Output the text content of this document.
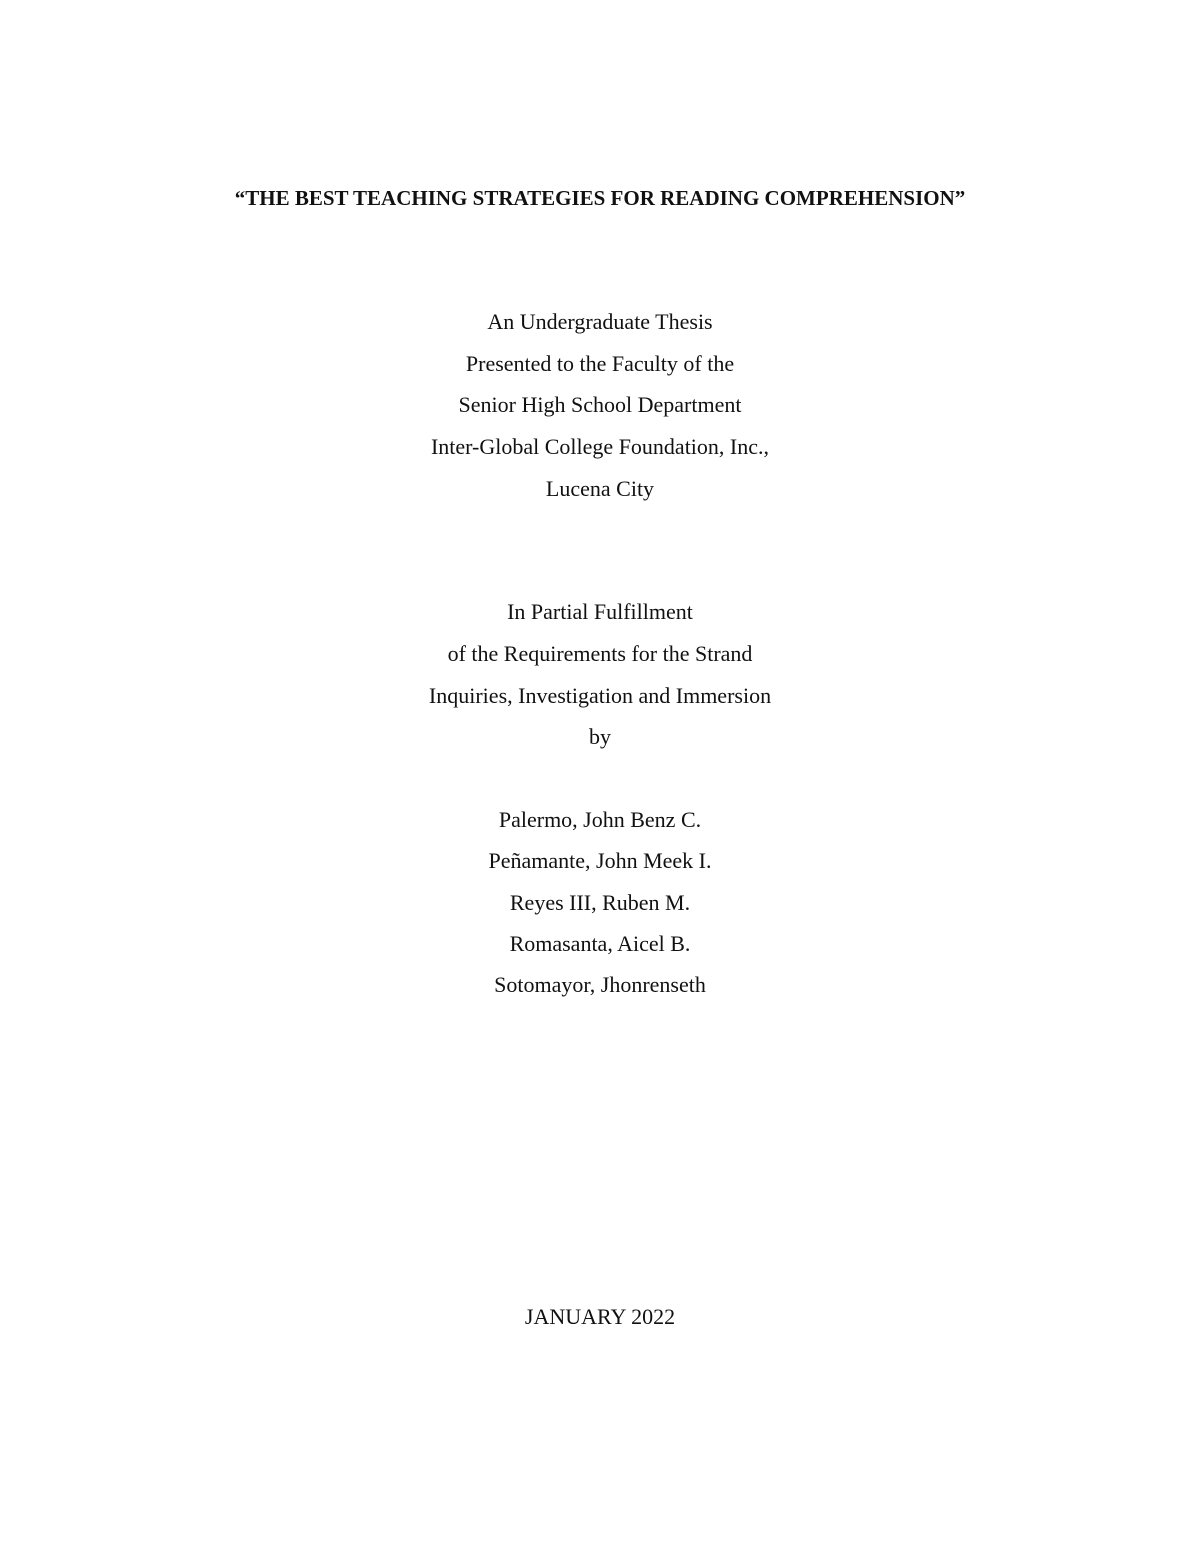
“THE BEST TEACHING STRATEGIES FOR READING COMPREHENSION”
An Undergraduate Thesis
Presented to the Faculty of the
Senior High School Department
Inter-Global College Foundation, Inc.,
Lucena City
In Partial Fulfillment
of the Requirements for the Strand
Inquiries, Investigation and Immersion
by
Palermo, John Benz C.
Peñamante, John Meek I.
Reyes III, Ruben M.
Romasanta, Aicel B.
Sotomayor, Jhonrenseth
JANUARY 2022
